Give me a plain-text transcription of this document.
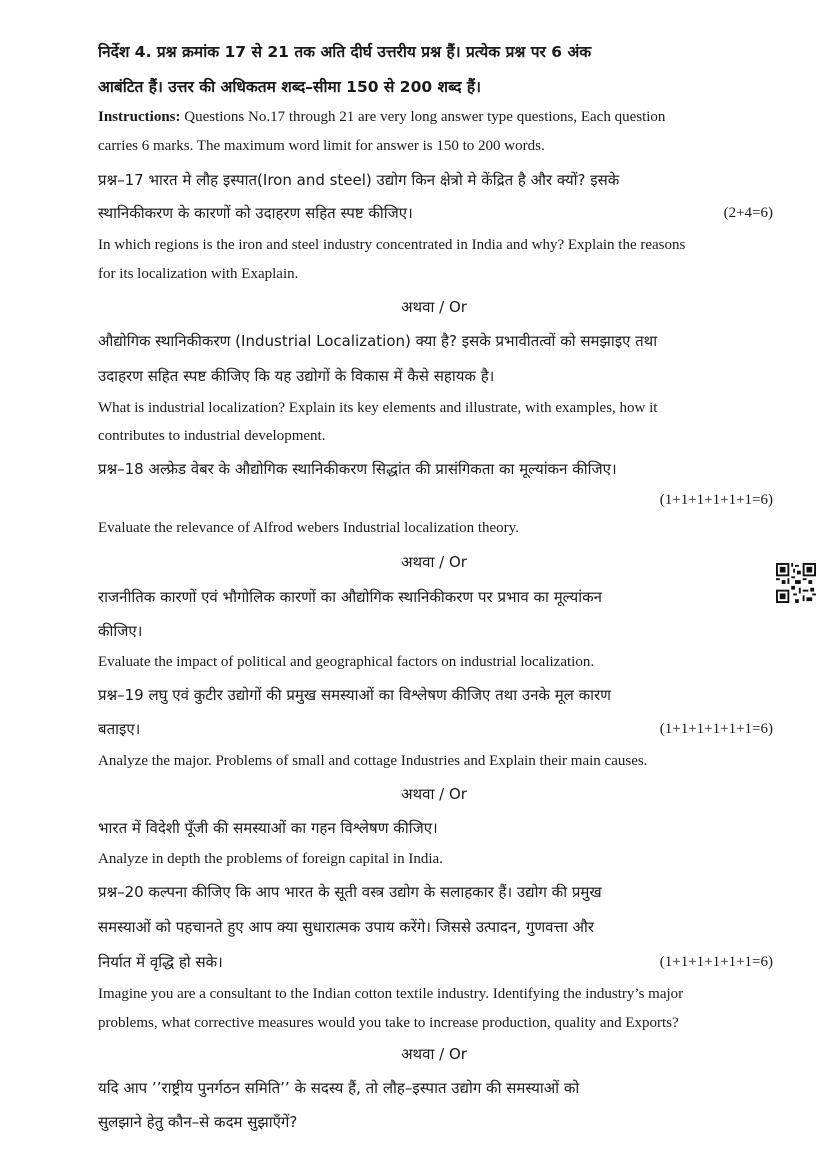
निर्देश 4. प्रश्न क्रमांक 17 से 21 तक अति दीर्घ उत्तरीय प्रश्न हैं। प्रत्येक प्रश्न पर 6 अंक
आबंटित हैं। उत्तर की अधिकतम शब्द–सीमा 150 से 200 शब्द हैं।
Instructions: Questions No.17 through 21 are very long answer type questions, Each question
carries 6 marks. The maximum word limit for answer is 150 to 200 words.
प्रश्न–17 भारत मे लौह इस्पात(Iron and steel) उद्योग किन क्षेत्रो मे केंद्रित है और क्यों? इसके
स्थानिकीकरण के कारणों को उदाहरण सहित स्पष्ट कीजिए।	(2+4=6)
In which regions is the iron and steel industry concentrated in India and why? Explain the reasons
for its localization with Exaplain.
अथवा / Or
औद्योगिक स्थानिकीकरण (Industrial Localization) क्या है? इसके प्रभावीतत्वों को समझाइए तथा
उदाहरण सहित स्पष्ट कीजिए कि यह उद्योगों के विकास में कैसे सहायक है।
What is industrial localization? Explain its key elements and illustrate, with examples, how it
contributes to industrial development.
प्रश्न–18 अल्फ्रेड वेबर के औद्योगिक स्थानिकीकरण सिद्धांत की प्रासंगिकता का मूल्यांकन कीजिए।
(1+1+1+1+1+1=6)
Evaluate the relevance of Alfrod webers Industrial localization theory.
अथवा / Or
राजनीतिक कारणों एवं भौगोलिक कारणों का औद्योगिक स्थानिकीकरण पर प्रभाव का मूल्यांकन
कीजिए।
Evaluate the impact of political and geographical factors on industrial localization.
प्रश्न–19 लघु एवं कुटीर उद्योगों की प्रमुख समस्याओं का विश्लेषण कीजिए तथा उनके मूल कारण
बताइए।	(1+1+1+1+1+1=6)
Analyze the major. Problems of small and cottage Industries and Explain their main causes.
अथवा / Or
भारत में विदेशी पूँजी की समस्याओं का गहन विश्लेषण कीजिए।
Analyze in depth the problems of foreign capital in India.
प्रश्न–20 कल्पना कीजिए कि आप भारत के सूती वस्त्र उद्योग के सलाहकार हैं। उद्योग की प्रमुख
समस्याओं को पहचानते हुए आप क्या सुधारात्मक उपाय करेंगे। जिससे उत्पादन, गुणवत्ता और
निर्यात में वृद्धि हो सके।	(1+1+1+1+1+1=6)
Imagine you are a consultant to the Indian cotton textile industry. Identifying the industry’s major
problems, what corrective measures would you take to increase production, quality and Exports?
अथवा / Or
यदि आप ’’राष्ट्रीय पुनर्गठन समिति’’ के सदस्य हैं, तो लौह–इस्पात उद्योग की समस्याओं को
सुलझाने हेतु कौन–से कदम सुझाएँगें?
